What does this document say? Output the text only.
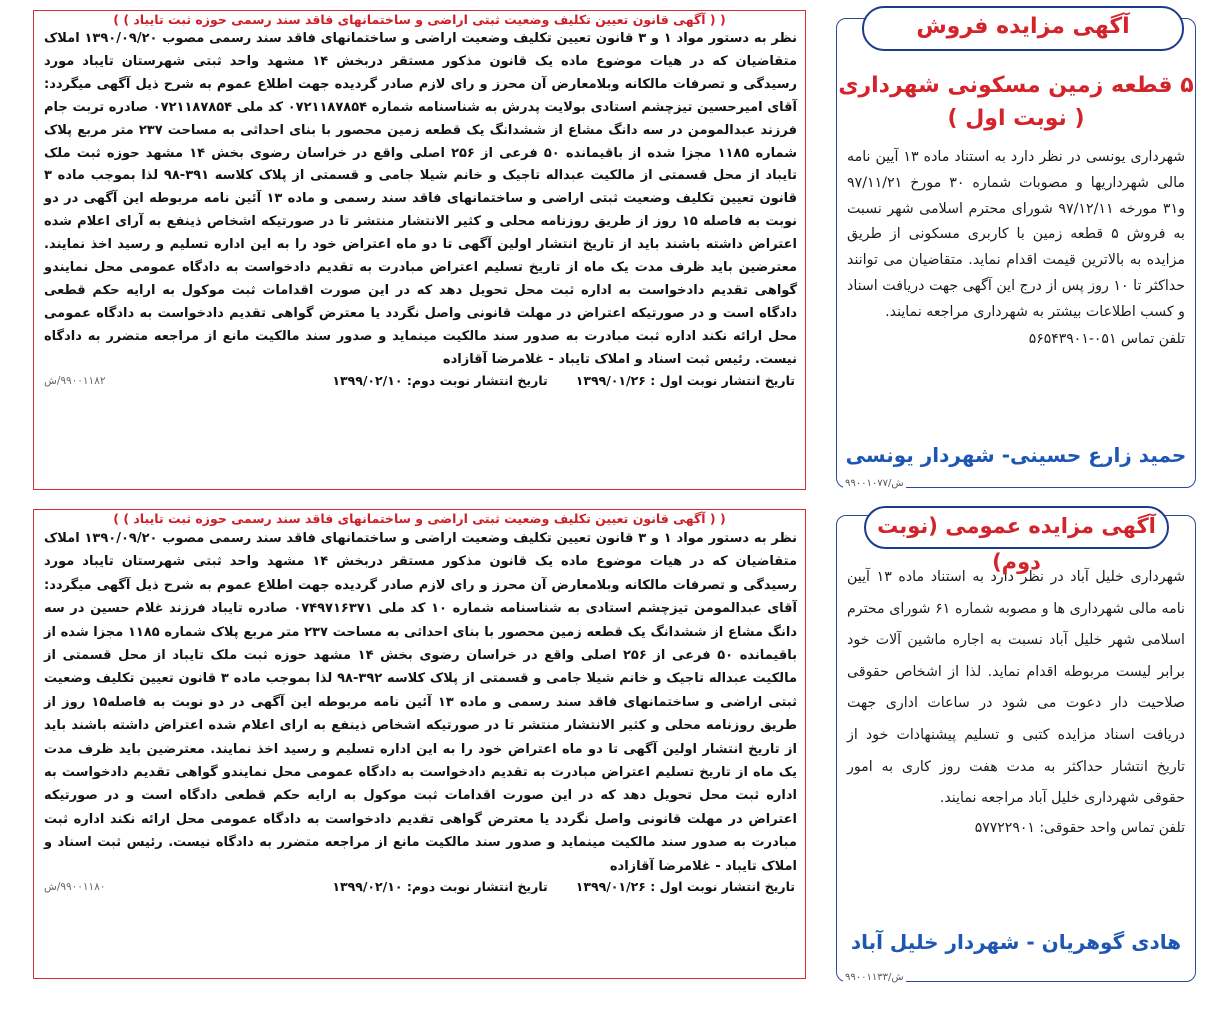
( ( آگهی قانون تعیین تکلیف وضعیت ثبتی اراضی و ساختمانهای فاقد سند رسمی حوزه ثبت تایباد ) )
نظر به دستور مواد ۱ و ۳ قانون تعیین تکلیف وضعیت اراضی و ساختمانهای فاقد سند رسمی مصوب ۱۳۹۰/۰۹/۲۰ املاک متقاضیان که در هیات موضوع ماده یک قانون مذکور مستقر دربخش ۱۴ مشهد واحد ثبتی شهرستان تایباد مورد رسیدگی و تصرفات مالکانه وبلامعارض آن محرز و رای لازم صادر گردیده جهت اطلاع عموم به شرح ذیل آگهی میگردد: آقای امیرحسین تیزچشم استادی بولایت پدرش به شناسنامه شماره ۰۷۲۱۱۸۷۸۵۴ کد ملی ۰۷۲۱۱۸۷۸۵۴ صادره تربت جام فرزند عبدالمومن در سه دانگ مشاع از ششدانگ یک قطعه زمین محصور با بنای احداثی به مساحت ۲۳۷ متر مربع پلاک شماره ۱۱۸۵ مجزا شده از باقیمانده ۵۰ فرعی از ۲۵۶ اصلی واقع در خراسان رضوی بخش ۱۴ مشهد حوزه ثبت ملک تایباد از محل قسمتی از مالکیت عبداله تاجیک و خانم شیلا جامی و قسمتی از پلاک کلاسه ۳۹۱-۹۸ لذا بموجب ماده ۳ قانون تعیین تکلیف وضعیت ثبتی اراضی و ساختمانهای فاقد سند رسمی و ماده ۱۳ آئین نامه مربوطه این آگهی در دو نوبت به فاصله ۱۵ روز از طریق روزنامه محلی و کثیر الانتشار منتشر تا در صورتیکه اشخاص ذینفع به آرای اعلام شده اعتراض داشته باشند باید از تاریخ انتشار اولین آگهی تا دو ماه اعتراض خود را به این اداره تسلیم و رسید اخذ نمایند. معترضین باید ظرف مدت یک ماه از تاریخ تسلیم اعتراض مبادرت به تقدیم دادخواست به دادگاه عمومی محل نمایندو گواهی تقدیم دادخواست به اداره ثبت محل تحویل دهد که در این صورت اقدامات ثبت موکول به ارایه حکم قطعی دادگاه است و در صورتیکه اعتراض در مهلت قانونی واصل نگردد یا معترض گواهی تقدیم دادخواست به دادگاه عمومی محل ارائه نکند اداره ثبت مبادرت به صدور سند مالکیت مینماید و صدور سند مالکیت مانع از مراجعه متضرر به دادگاه نیست. رئیس ثبت اسناد و املاک تایباد - غلامرضا آقازاده
تاریخ انتشار نوبت اول : ۱۳۹۹/۰۱/۲۶
تاریخ انتشار نوبت دوم: ۱۳۹۹/۰۲/۱۰
۹۹۰۰۱۱۸۲/ش
( ( آگهی قانون تعیین تکلیف وضعیت ثبتی اراضی و ساختمانهای فاقد سند رسمی حوزه ثبت تایباد ) )
نظر به دستور مواد ۱ و ۳ قانون تعیین تکلیف وضعیت اراضی و ساختمانهای فاقد سند رسمی مصوب ۱۳۹۰/۰۹/۲۰ املاک متقاضیان که در هیات موضوع ماده یک قانون مذکور مستقر دربخش ۱۴ مشهد واحد ثبتی شهرستان تایباد مورد رسیدگی و تصرفات مالکانه وبلامعارض آن محرز و رای لازم صادر گردیده جهت اطلاع عموم به شرح ذیل آگهی میگردد: آقای عبدالمومن تیزچشم استادی به شناسنامه شماره ۱۰ کد ملی ۰۷۴۹۷۱۶۳۷۱ صادره تایباد فرزند غلام حسین در سه دانگ مشاع از ششدانگ یک قطعه زمین محصور با بنای احداثی به مساحت ۲۳۷ متر مربع پلاک شماره ۱۱۸۵ مجزا شده از باقیمانده ۵۰ فرعی از ۲۵۶ اصلی واقع در خراسان رضوی بخش ۱۴ مشهد حوزه ثبت ملک تایباد از محل قسمتی از مالکیت عبداله تاجیک و خانم شیلا جامی و قسمتی از پلاک کلاسه ۳۹۲-۹۸ لذا بموجب ماده ۳ قانون تعیین تکلیف وضعیت ثبتی اراضی و ساختمانهای فاقد سند رسمی و ماده ۱۳ آئین نامه مربوطه این آگهی در دو نوبت به فاصله۱۵ روز از طریق روزنامه محلی و کثیر الانتشار منتشر تا در صورتیکه اشخاص ذینفع به ارای اعلام شده اعتراض داشته باشند باید از تاریخ انتشار اولین آگهی تا دو ماه اعتراض خود را به این اداره تسلیم و رسید اخذ نمایند. معترضین باید ظرف مدت یک ماه از تاریخ تسلیم اعتراض مبادرت به تقدیم دادخواست به دادگاه عمومی محل نمایندو گواهی تقدیم دادخواست به اداره ثبت محل تحویل دهد که در این صورت اقدامات ثبت موکول به ارایه حکم قطعی دادگاه است و در صورتیکه اعتراض در مهلت قانونی واصل نگردد یا معترض گواهی تقدیم دادخواست به دادگاه عمومی محل ارائه نکند اداره ثبت مبادرت به صدور سند مالکیت مینماید و صدور سند مالکیت مانع از مراجعه متضرر به دادگاه نیست. رئیس ثبت اسناد و املاک تایباد - غلامرضا آقازاده
تاریخ انتشار نوبت اول : ۱۳۹۹/۰۱/۲۶
تاریخ انتشار نوبت دوم: ۱۳۹۹/۰۲/۱۰
۹۹۰۰۱۱۸۰/ش
۵ قطعه زمین مسکونی شهرداری
( نوبت اول )
شهرداری یونسی در نظر دارد به استناد ماده ۱۳ آیین نامه مالی شهرداریها و مصوبات شماره ۳۰ مورخ ۹۷/۱۱/۲۱ و۳۱ مورخه ۹۷/۱۲/۱۱ شورای محترم اسلامی شهر نسبت به فروش ۵ قطعه زمین با کاربری مسکونی از طریق مزایده به بالاترین قیمت اقدام نماید. متقاضیان می توانند حداکثر تا ۱۰ روز پس از درج این آگهی جهت دریافت اسناد و کسب اطلاعات بیشتر به شهرداری مراجعه نمایند.
تلفن تماس ۰۵۱-۵۶۵۴۳۹۰۱
حمید زارع حسینی- شهردار یونسی
۹۹۰۰۱۰۷۷/ش
آگهی مزایده فروش
شهرداری خلیل آباد در نظر دارد به استناد ماده ۱۳ آیین نامه مالی شهرداری ها و مصوبه شماره ۶۱ شورای محترم اسلامی شهر خلیل آباد نسبت به اجاره ماشین آلات خود برابر لیست مربوطه اقدام نماید. لذا از اشخاص حقوقی صلاحیت دار دعوت می شود در ساعات اداری جهت دریافت اسناد مزایده کتبی و تسلیم پیشنهادات خود از تاریخ انتشار حداکثر به مدت هفت روز کاری به امور حقوقی شهرداری خلیل آباد مراجعه نمایند.
تلفن تماس واحد حقوقی: ۵۷۷۲۲۹۰۱
هادی گوهریان - شهردار خلیل آباد
۹۹۰۰۱۱۳۳/ش
آگهی مزایده عمومی (نوبت دوم)
